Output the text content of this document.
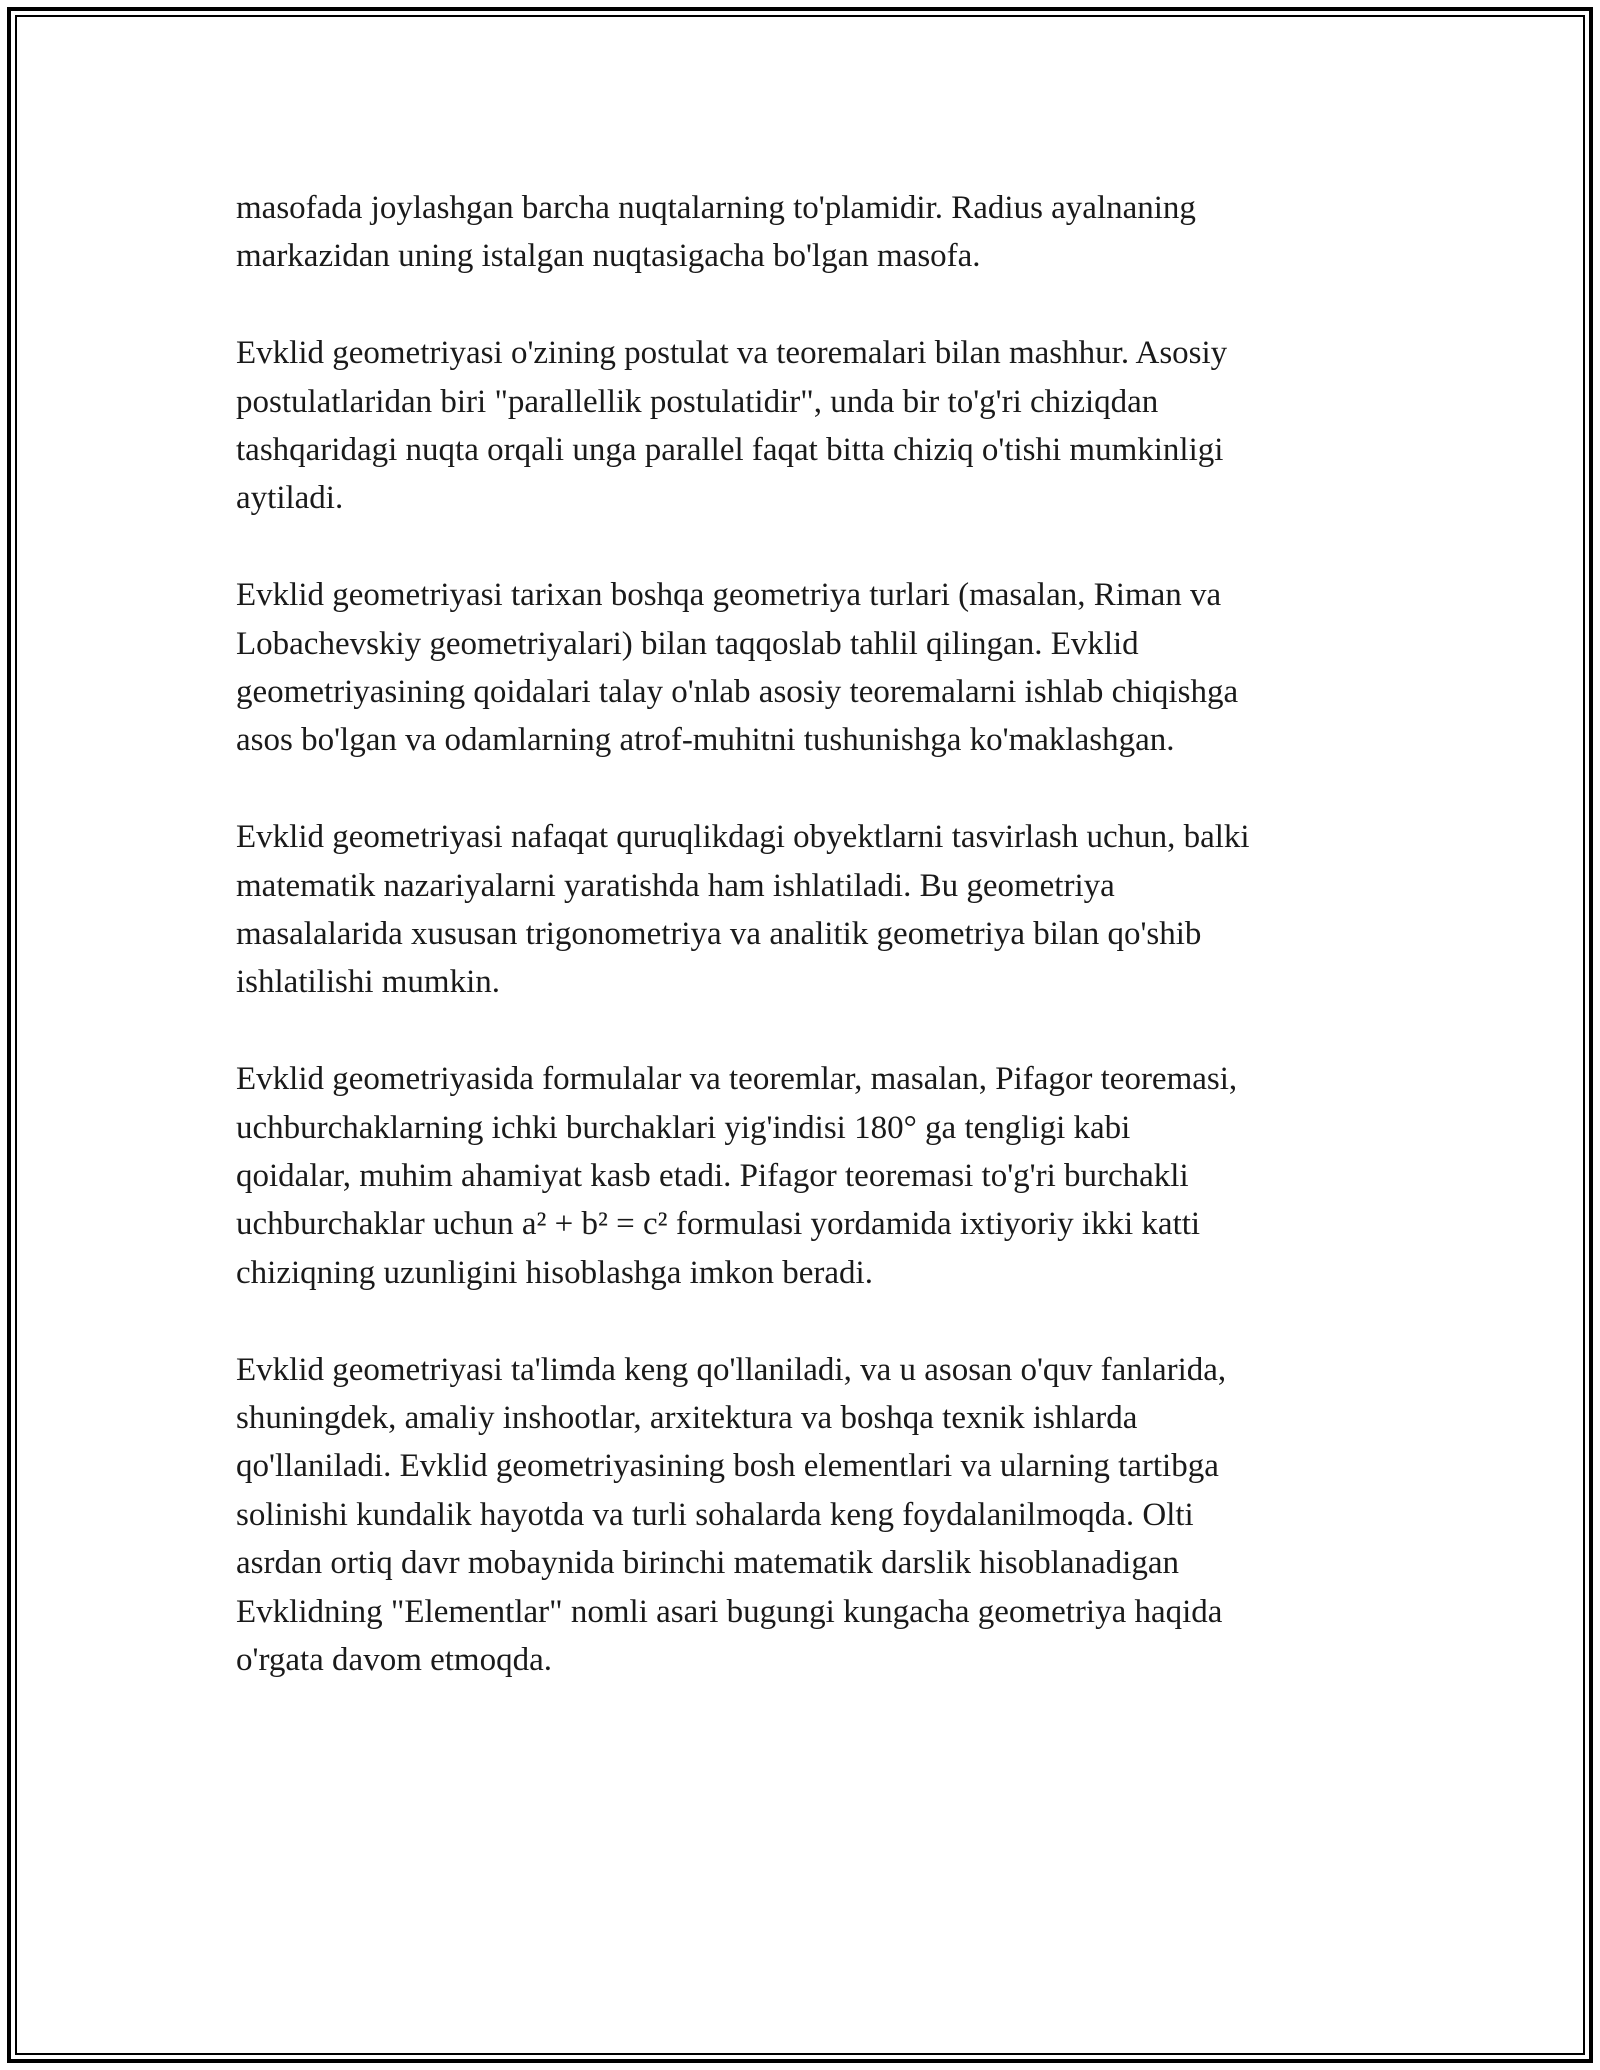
masofada joylashgan barcha nuqtalarning to'plamidir. Radius ayalnaning
markazidan uning istalgan nuqtasigacha bo'lgan masofa.

Evklid geometriyasi o'zining postulat va teoremalari bilan mashhur. Asosiy
postulatlaridan biri "parallellik postulatidir", unda bir to'g'ri chiziqdan
tashqaridagi nuqta orqali unga parallel faqat bitta chiziq o'tishi mumkinligi
aytiladi.

Evklid geometriyasi tarixan boshqa geometriya turlari (masalan, Riman va
Lobachevskiy geometriyalari) bilan taqqoslab tahlil qilingan. Evklid
geometriyasining qoidalari talay o'nlab asosiy teoremalarni ishlab chiqishga
asos bo'lgan va odamlarning atrof-muhitni tushunishga ko'maklashgan.

Evklid geometriyasi nafaqat quruqlikdagi obyektlarni tasvirlash uchun, balki
matematik nazariyalarni yaratishda ham ishlatiladi. Bu geometriya
masalalarida xususan trigonometriya va analitik geometriya bilan qo'shib
ishlatilishi mumkin.

Evklid geometriyasida formulalar va teoremlar, masalan, Pifagor teoremasi,
uchburchaklarning ichki burchaklari yig'indisi 180° ga tengligi kabi
qoidalar, muhim ahamiyat kasb etadi. Pifagor teoremasi to'g'ri burchakli
uchburchaklar uchun a² + b² = c² formulasi yordamida ixtiyoriy ikki katti
chiziqning uzunligini hisoblashga imkon beradi.

Evklid geometriyasi ta'limda keng qo'llaniladi, va u asosan o'quv fanlarida,
shuningdek, amaliy inshootlar, arxitektura va boshqa texnik ishlarda
qo'llaniladi. Evklid geometriyasining bosh elementlari va ularning tartibga
solinishi kundalik hayotda va turli sohalarda keng foydalanilmoqda. Olti
asrdan ortiq davr mobaynida birinchi matematik darslik hisoblanadigan
Evklidning "Elementlar" nomli asari bugungi kungacha geometriya haqida
o'rgata davom etmoqda.
